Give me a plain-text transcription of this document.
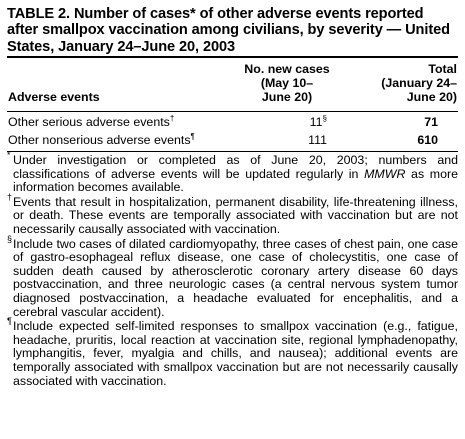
TABLE 2. Number of cases* of other adverse events reported after smallpox vaccination among civilians, by severity — United States, January 24–June 20, 2003
Adverse events
No. new cases
(May 10–
June 20)
Total
(January 24–
June 20)
Other serious adverse events†	11§	71
Other nonserious adverse events¶	111	610
* Under investigation or completed as of June 20, 2003; numbers and classifications of adverse events will be updated regularly in MMWR as more information becomes available.
† Events that result in hospitalization, permanent disability, life-threatening illness, or death. These events are temporally associated with vaccination but are not necessarily causally associated with vaccination.
§ Include two cases of dilated cardiomyopathy, three cases of chest pain, one case of gastro-esophageal reflux disease, one case of cholecystitis, one case of sudden death caused by atherosclerotic coronary artery disease 60 days postvaccination, and three neurologic cases (a central nervous system tumor diagnosed postvaccination, a headache evaluated for encephalitis, and a cerebral vascular accident).
¶ Include expected self-limited responses to smallpox vaccination (e.g., fatigue, headache, pruritis, local reaction at vaccination site, regional lymphadenopathy, lymphangitis, fever, myalgia and chills, and nausea); additional events are temporally associated with smallpox vaccination but are not necessarily causally associated with vaccination.
